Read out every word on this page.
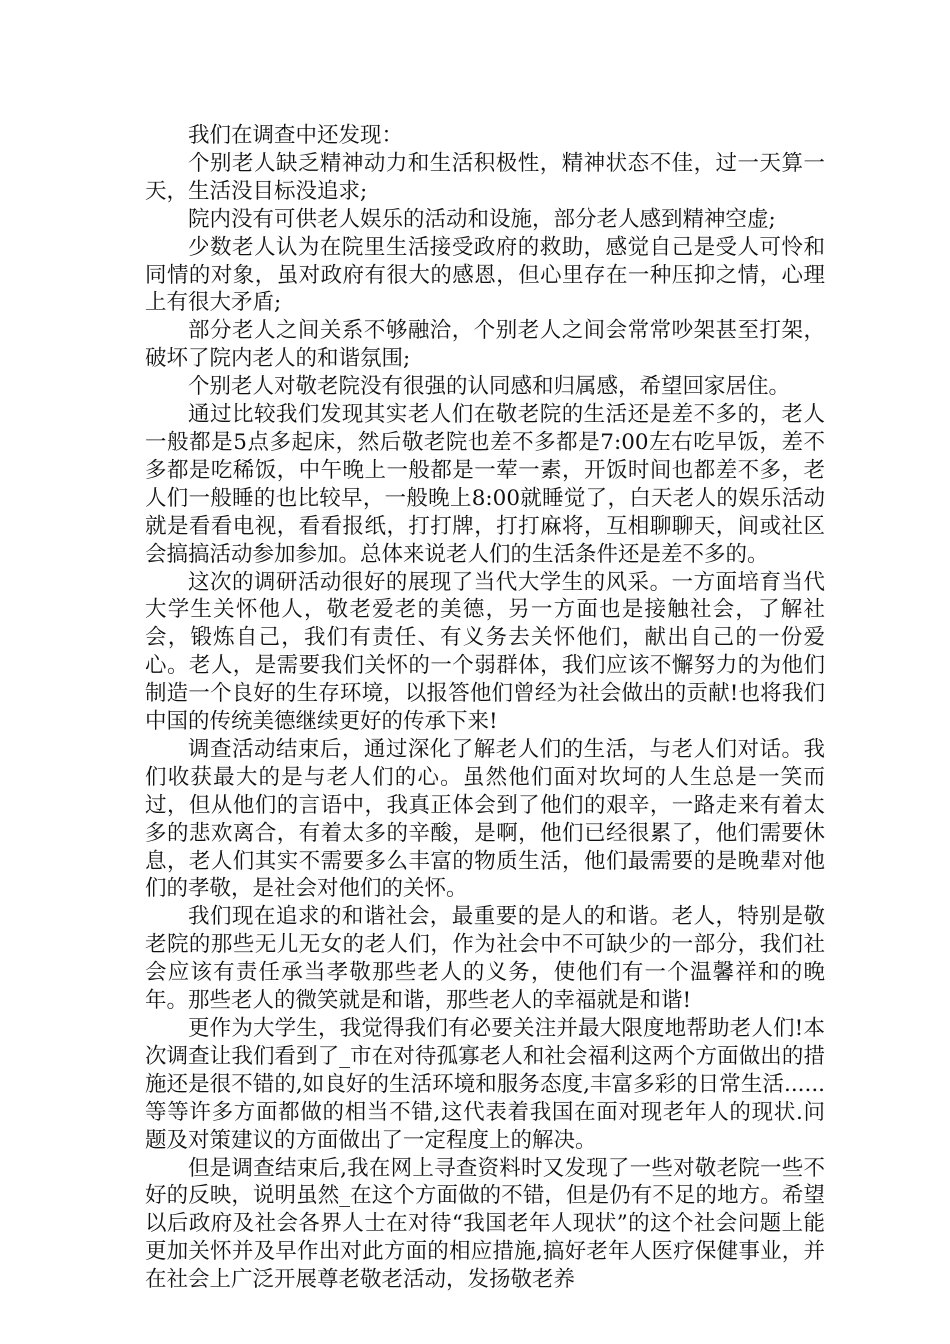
我们在调查中还发现：

个别老人缺乏精神动力和生活积极性，精神状态不佳，过一天算一天，生活没目标没追求;

院内没有可供老人娱乐的活动和设施，部分老人感到精神空虚;

少数老人认为在院里生活接受政府的救助，感觉自己是受人可怜和同情的对象，虽对政府有很大的感恩，但心里存在一种压抑之情，心理上有很大矛盾;

部分老人之间关系不够融洽，个别老人之间会常常吵架甚至打架，破坏了院内老人的和谐氛围;

个别老人对敬老院没有很强的认同感和归属感，希望回家居住。

通过比较我们发现其实老人们在敬老院的生活还是差不多的，老人一般都是5点多起床，然后敬老院也差不多都是7:00左右吃早饭，差不多都是吃稀饭，中午晚上一般都是一荤一素，开饭时间也都差不多，老人们一般睡的也比较早，一般晚上8:00就睡觉了，白天老人的娱乐活动就是看看电视，看看报纸，打打牌，打打麻将，互相聊聊天，间或社区会搞搞活动参加参加。总体来说老人们的生活条件还是差不多的。

这次的调研活动很好的展现了当代大学生的风采。一方面培育当代大学生关怀他人，敬老爱老的美德，另一方面也是接触社会，了解社会，锻炼自己，我们有责任、有义务去关怀他们，献出自己的一份爱心。老人，是需要我们关怀的一个弱群体，我们应该不懈努力的为他们制造一个良好的生存环境，以报答他们曾经为社会做出的贡献!也将我们中国的传统美德继续更好的传承下来!

调查活动结束后，通过深化了解老人们的生活，与老人们对话。我们收获最大的是与老人们的心。虽然他们面对坎坷的人生总是一笑而过，但从他们的言语中，我真正体会到了他们的艰辛，一路走来有着太多的悲欢离合，有着太多的辛酸，是啊，他们已经很累了，他们需要休息，老人们其实不需要多么丰富的物质生活，他们最需要的是晚辈对他们的孝敬，是社会对他们的关怀。

我们现在追求的和谐社会，最重要的是人的和谐。老人，特别是敬老院的那些无儿无女的老人们，作为社会中不可缺少的一部分，我们社会应该有责任承当孝敬那些老人的义务，使他们有一个温馨祥和的晚年。那些老人的微笑就是和谐，那些老人的幸福就是和谐!

更作为大学生，我觉得我们有必要关注并最大限度地帮助老人们!本次调查让我们看到了_市在对待孤寡老人和社会福利这两个方面做出的措施还是很不错的,如良好的生活环境和服务态度,丰富多彩的日常生活......等等许多方面都做的相当不错,这代表着我国在面对现老年人的现状.问题及对策建议的方面做出了一定程度上的解决。

但是调查结束后,我在网上寻查资料时又发现了一些对敬老院一些不好的反映，说明虽然_在这个方面做的不错，但是仍有不足的地方。希望以后政府及社会各界人士在对待“我国老年人现状”的这个社会问题上能更加关怀并及早作出对此方面的相应措施,搞好老年人医疗保健事业，并在社会上广泛开展尊老敬老活动，发扬敬老养
